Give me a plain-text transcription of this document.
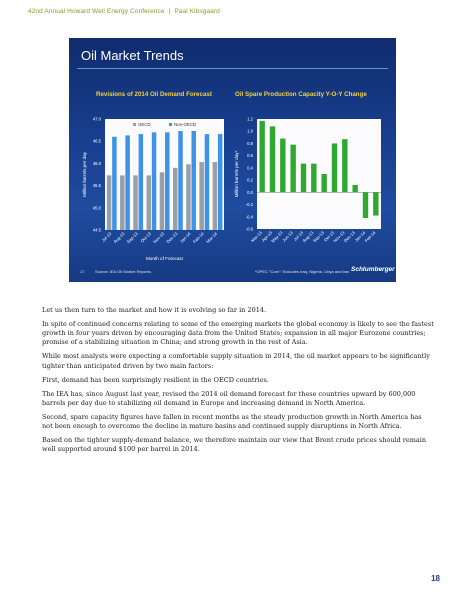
42nd Annual Howard Weil Energy Conference | Paal Kibsgaard
Oil Market Trends
Revisions of 2014 Oil Demand Forecast	Oil Spare Production Capacity Y-O-Y Change
44.5
45.0
45.5
46.0
46.5
47.0
Jul-13 Aug-13 Sep-13 Oct-13 Nov-13 Dec-13 Jan-14 Feb-14 Mar-14
Month of Forecast
Million barrels per day
OECD	Non-OECD
-0.6
-0.4
-0.2
0.0
0.2
0.4
0.6
0.8
1.0
1.2
Mar-13
Apr-13
May-13
Jun-13
Jul-13
Aug-13
Sep-13
Oct-13
Nov-13
Dec-13
Jan-14
Feb-14
Million barrels per day*
17	Source: IEA Oil Market Reports,	*OPEC "Core": Excludes Iraq, Nigeria, Libya and Iran Schlumberger

Let us then turn to the market and how it is evolving so far in 2014.

In spite of continued concerns relating to some of the emerging markets the global economy is likely to see the fastest growth in four years driven by encouraging data from the United States; expansion in all major Eurozone countries; promise of a stabilizing situation in China; and strong growth in the rest of Asia.

While most analysts were expecting a comfortable supply situation in 2014, the oil market appears to be significantly tighter than anticipated driven by two main factors:

First, demand has been surprisingly resilient in the OECD countries.

The IEA has, since August last year, revised the 2014 oil demand forecast for these countries upward by 600,000 barrels per day due to stabilizing oil demand in Europe and increasing demand in North America.

Second, spare capacity figures have fallen in recent months as the steady production growth in North America has not been enough to overcome the decline in mature basins and continued supply disruptions in North Africa.

Based on the tighter supply-demand balance, we therefore maintain our view that Brent crude prices should remain well supported around $100 per barrel in 2014.

18
